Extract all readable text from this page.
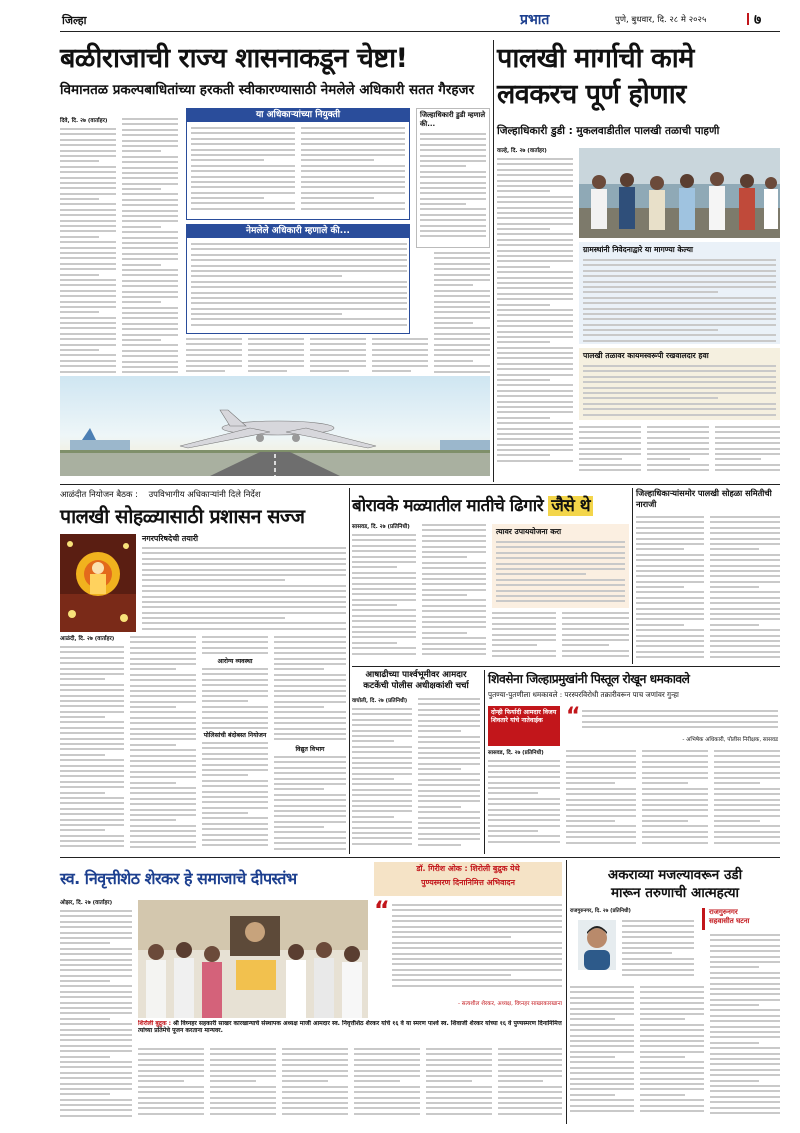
जिल्हा	प्रभात	पुणे, बुधवार, दि. २८ मे २०२५	७
बळीराजाची राज्य शासनाकडून चेष्टा!
विमानतळ प्रकल्पबाधितांच्या हरकती स्वीकारण्यासाठी नेमलेले अधिकारी सतत गैरहजर
दिवे, दि. २७ (वार्ताहर)
या अधिकाऱ्यांच्या नियुक्ती
नेमलेले अधिकारी म्हणाले की...
जिल्हाधिकारी डुडी म्हणाले की...
पालखी मार्गाची कामे
लवकरच पूर्ण होणार
जिल्हाधिकारी डुडी : मुकलवाडीतील पालखी तळाची पाहणी
वाल्हे, दि. २७ (वार्ताहर)
ग्रामस्थांनी निवेदनाद्वारे या मागण्या केल्या
पालखी तळावर कायमस्वरूपी रखवालदार हवा
आळंदीत नियोजन बैठक : उपविभागीय अधिकाऱ्यांनी दिले निर्देश
पालखी सोहळ्यासाठी प्रशासन सज्ज
नगरपरिषदेची तयारी
आळंदी, दि. २७ (वार्ताहर)
आरोग्य व्यवस्था
पोलिसांची बंदोबस्त नियोजन
विद्युत विभाग
बोरावके मळ्यातील मातीचे ढिगारे जैसे थे
सासवड, दि. २७ (प्रतिनिधी)	त्यावर उपाययोजना करा
जिल्हाधिकाऱ्यांसमोर पालखी सोहळा समितीची नाराजी
आषाढीच्या पार्श्वभूमीवर आमदार
कटकेंची पोलीस अधीक्षकांशी चर्चा
वाघोली, दि. २७ (प्रतिनिधी)
शिवसेना जिल्हाप्रमुखांनी पिस्तूल रोखून धमकावले
पुतण्या-पुतणीला धमकावले : परस्परविरोधी तक्रारीवरून पाच जणांवर गुन्हा
दोन्ही फिर्यादी आमदार विजय शिवतारे यांचे नातेवाईक
सासवड, दि. २७ (प्रतिनिधी)
“
- अभिषेक अधिकारी, पोलीस निरीक्षक, सासवड
स्व. निवृत्तीशेठ शेरकर हे समाजाचे दीपस्तंभ
डॉ. गिरीश ओक : शिरोली बुद्रुक येथे
पुण्यस्मरण दिनानिमित्त अभिवादन
ओझर, दि. २७ (वार्ताहर)	“
- सत्यशील शेरकर, अध्यक्ष, विघ्नहर साखरकारखाना
शिरोली बुद्रुक : श्री विघ्नहर सहकारी साखर कारखान्याचे संस्थापक अध्यक्ष माजी आमदार स्व. निवृत्तीशेठ शेरकर यांचे १६ वे या स्मरण पार्श्व स्व. शिवाजी शेरकर यांच्या १६ वे पुण्यस्मरण दिनानिमित्त त्यांच्या प्रतिमेचे पूजन करताना मान्यवर.
अकराव्या मजल्यावरून उडी
मारून तरुणाची आत्महत्या
राजगुरुनगर, दि. २७ (प्रतिनिधी)	राजगुरुनगर
सहवासीत घटना
